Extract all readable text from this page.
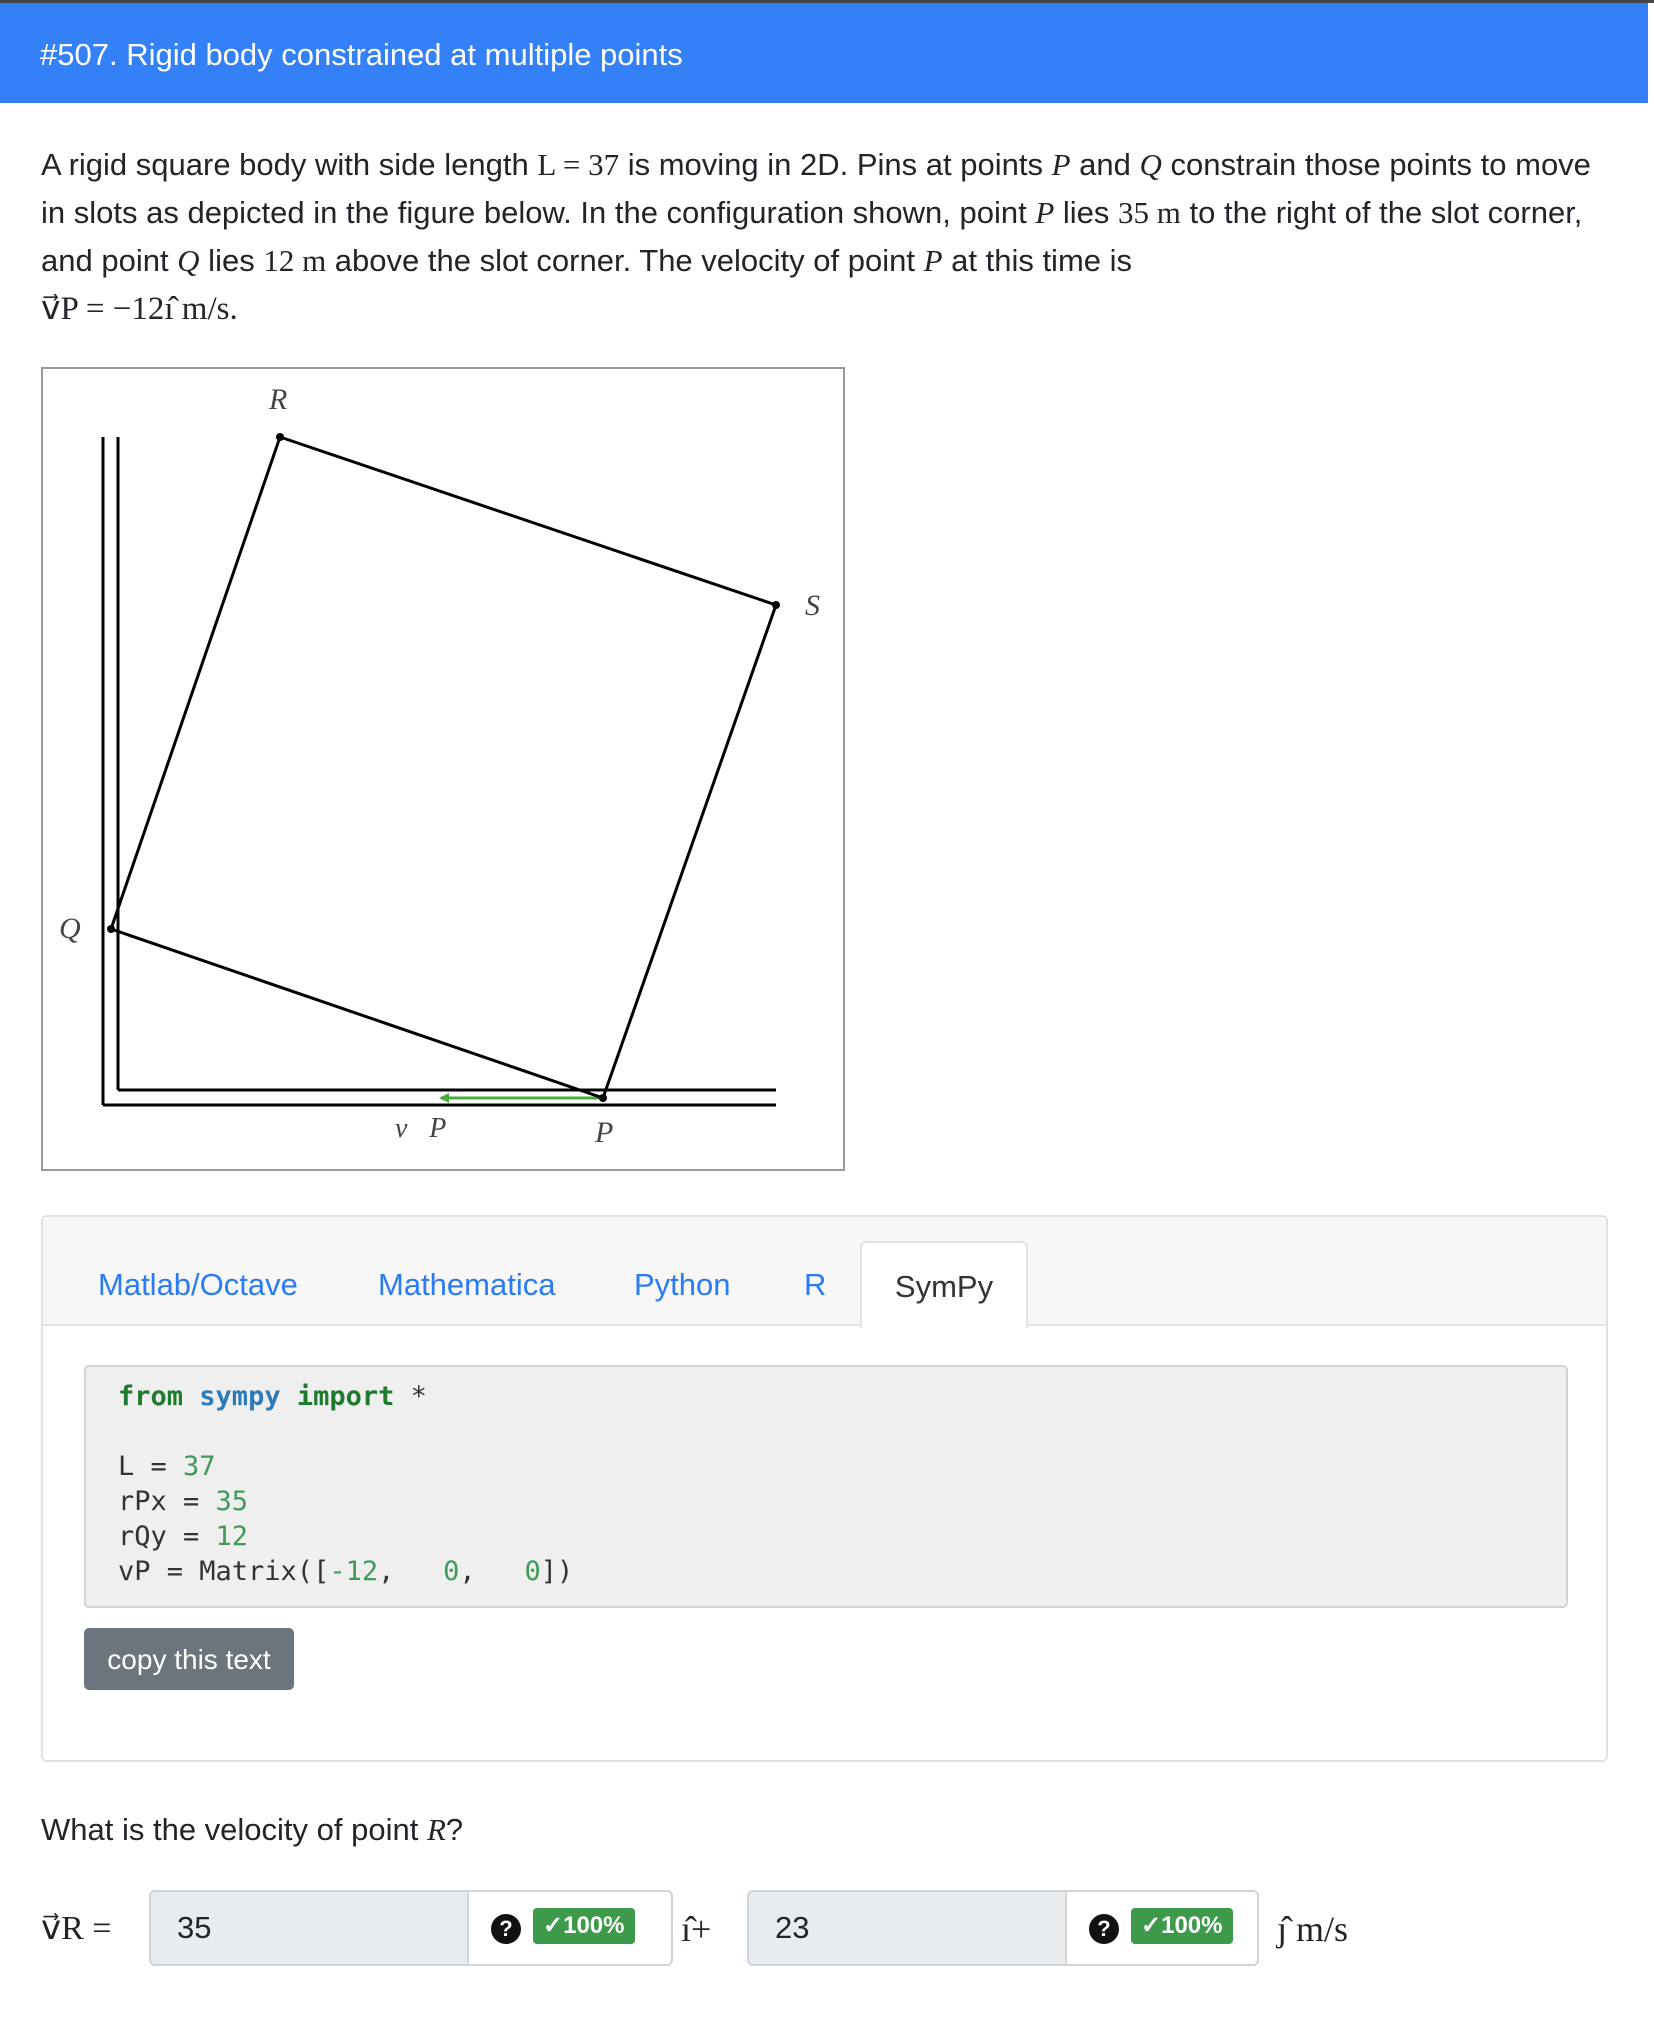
#507. Rigid body constrained at multiple points
A rigid square body with side length L = 37 is moving in 2D. Pins at points P and Q constrain those points to move in slots as depicted in the figure below. In the configuration shown, point P lies 35 m to the right of the slot corner, and point Q lies 12 m above the slot corner. The velocity of point P at this time is
v⃗P = −12ı̂ m/s.
R
S
Q
P
v⃗P
Matlab/Octave	Mathematica	Python R	SymPy
from sympy import *

L = 37
rPx = 35
rQy = 12
vP = Matrix([-12,   0,   0])
copy this text
What is the velocity of point R?
v⃗R =
35	?	✓100% ı̂+
23	?	✓100% ȷ̂ m/s
